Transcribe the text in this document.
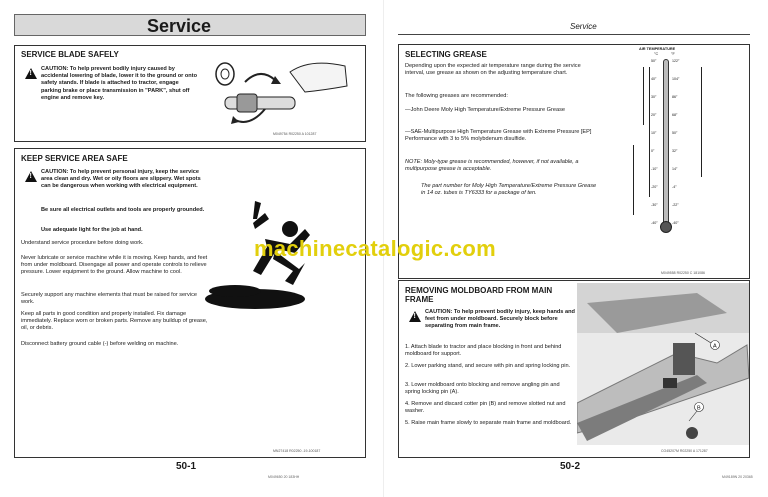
Service
SERVICE BLADE SAFELY
!
CAUTION: To help prevent bodily injury caused by accidental lowering of blade, lower it to the ground or onto safety stands. If blade is attached to tractor, engage parking brake or place transmission in "PARK", shut off engine and remove key.
M049754 R02250 A 101287
KEEP SERVICE AREA SAFE
!
CAUTION: To help prevent personal injury, keep the service area clean and dry. Wet or oily floors are slippery. Wet spots can be dangerous when working with electrical equipment.
Be sure all electrical outlets and tools are properly grounded.
Use adequate light for the job at hand.
Understand service procedure before doing work.
Never lubricate or service machine while it is moving. Keep hands, and feet from under moldboard. Disengage all power and operate controls to relieve pressure. Lower equipment to the ground. Allow machine to cool.
Securely support any machine elements that must be raised for service work.
Keep all parts in good condition and properly installed. Fix damage immediately. Replace worn or broken parts. Remove any buildup of grease, oil, or debris.
Disconnect battery ground cable (-) before welding on machine.
MN27418 R02250 -19-100187
50-1
M049650 20 183HH
Service
SELECTING GREASE
Depending upon the expected air temperature range during the service interval, use grease as shown on the adjusting temperature chart.
The following greases are recommended:
—John Deere Moly High Temperature/Extreme Pressure Grease
—SAE-Multipurpose High Temperature Grease with Extreme Pressure [EP] Performance with 3 to 5% molybdenum disulfide.
NOTE: Moly-type grease is recommended, however, if not available, a multipurpose grease is acceptable.
The part number for Moly High Temperature/Extreme Pressure Grease in 14 oz. tubes is TY6333 for a package of ten.
AIR TEMPERATURE
°C	°F
50°	122°
40°	104°
30°	86°
20°	68°
10°	50°
0°	32°
-10°	14°
-20°	-4°
-30°	-22°
-40°	-40°
M049558 R02250 C 181086
REMOVING MOLDBOARD FROM MAIN FRAME
!
CAUTION: To help prevent bodily injury, keep hands and feet from under moldboard. Securely block before separating from main frame.
1. Attach blade to tractor and place blocking in front and behind moldboard for support.
2. Lower parking stand, and secure with pin and spring locking pin.
3. Lower moldboard onto blocking and remove angling pin and spring locking pin (A).
4. Remove and discard cotter pin (B) and remove slotted nut and washer.
5. Raise main frame slowly to separate main frame and moldboard.
A
B
CO45207M R02250 A 171287
50-2
M49189N 20 20365
machinecatalogic.com
